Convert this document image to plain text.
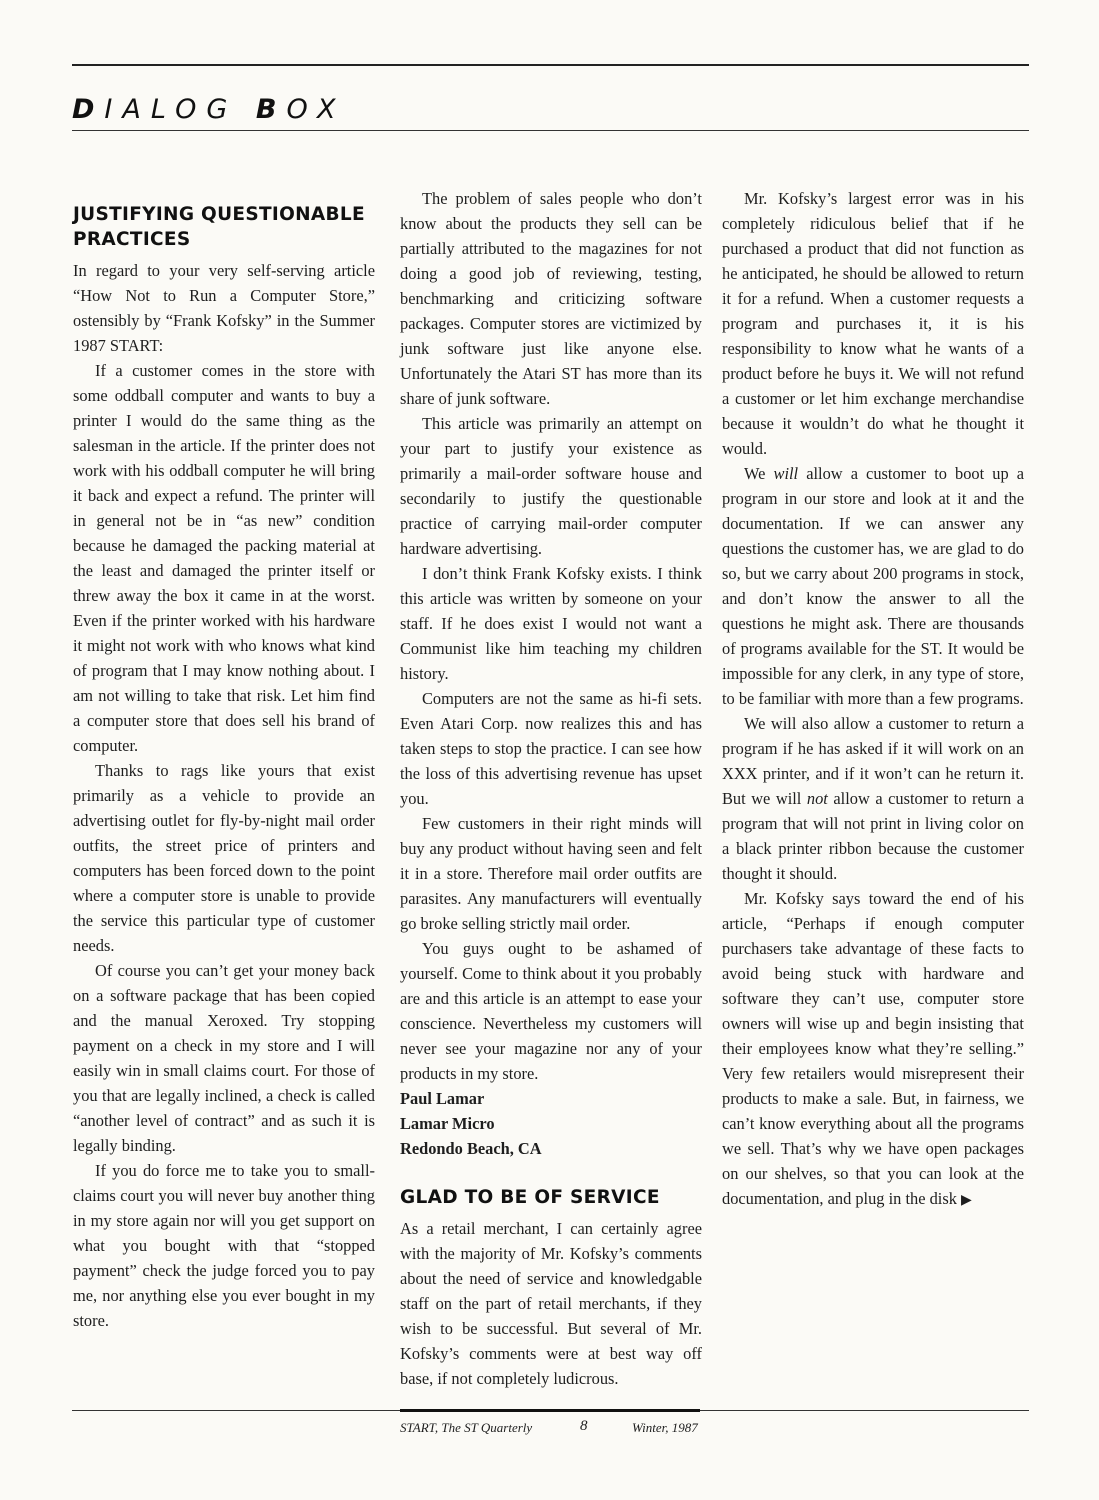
DIALOG BOX
JUSTIFYING QUESTIONABLE PRACTICES

In regard to your very self-serving article “How Not to Run a Computer Store,” ostensibly by “Frank Kofsky” in the Summer 1987 START:

If a customer comes in the store with some oddball computer and wants to buy a printer I would do the same thing as the salesman in the article. If the printer does not work with his oddball computer he will bring it back and expect a refund. The printer will in general not be in “as new” condition because he damaged the packing material at the least and damaged the printer itself or threw away the box it came in at the worst. Even if the printer worked with his hardware it might not work with who knows what kind of program that I may know nothing about. I am not willing to take that risk. Let him find a computer store that does sell his brand of computer.

Thanks to rags like yours that exist primarily as a vehicle to provide an advertising outlet for fly-by-night mail order outfits, the street price of printers and computers has been forced down to the point where a computer store is unable to provide the service this particular type of customer needs.

Of course you can’t get your money back on a software package that has been copied and the manual Xeroxed. Try stopping payment on a check in my store and I will easily win in small claims court. For those of you that are legally inclined, a check is called “another level of contract” and as such it is legally binding.

If you do force me to take you to small-claims court you will never buy another thing in my store again nor will you get support on what you bought with that “stopped payment” check the judge forced you to pay me, nor anything else you ever bought in my store.

The problem of sales people who don’t know about the products they sell can be partially attributed to the magazines for not doing a good job of reviewing, testing, benchmarking and criticizing software packages. Computer stores are victimized by junk software just like anyone else. Unfortunately the Atari ST has more than its share of junk software.

This article was primarily an attempt on your part to justify your existence as primarily a mail-order software house and secondarily to justify the questionable practice of carrying mail-order computer hardware advertising.

I don’t think Frank Kofsky exists. I think this article was written by someone on your staff. If he does exist I would not want a Communist like him teaching my children history.

Computers are not the same as hi-fi sets. Even Atari Corp. now realizes this and has taken steps to stop the practice. I can see how the loss of this advertising revenue has upset you.

Few customers in their right minds will buy any product without having seen and felt it in a store. Therefore mail order outfits are parasites. Any manufacturers will eventually go broke selling strictly mail order.

You guys ought to be ashamed of yourself. Come to think about it you probably are and this article is an attempt to ease your conscience. Nevertheless my customers will never see your magazine nor any of your products in my store.

Paul Lamar
Lamar Micro
Redondo Beach, CA
GLAD TO BE OF SERVICE

As a retail merchant, I can certainly agree with the majority of Mr. Kofsky’s comments about the need of service and knowledgable staff on the part of retail merchants, if they wish to be successful. But several of Mr. Kofsky’s comments were at best way off base, if not completely ludicrous.

Mr. Kofsky’s largest error was in his completely ridiculous belief that if he purchased a product that did not function as he anticipated, he should be allowed to return it for a refund. When a customer requests a program and purchases it, it is his responsibility to know what he wants of a product before he buys it. We will not refund a customer or let him exchange merchandise because it wouldn’t do what he thought it would.

We will allow a customer to boot up a program in our store and look at it and the documentation. If we can answer any questions the customer has, we are glad to do so, but we carry about 200 programs in stock, and don’t know the answer to all the questions he might ask. There are thousands of programs available for the ST. It would be impossible for any clerk, in any type of store, to be familiar with more than a few programs.

We will also allow a customer to return a program if he has asked if it will work on an XXX printer, and if it won’t can he return it. But we will not allow a customer to return a program that will not print in living color on a black printer ribbon because the customer thought it should.

Mr. Kofsky says toward the end of his article, “Perhaps if enough computer purchasers take advantage of these facts to avoid being stuck with hardware and software they can’t use, computer store owners will wise up and begin insisting that their employees know what they’re selling.” Very few retailers would misrepresent their products to make a sale. But, in fairness, we can’t know everything about all the programs we sell. That’s why we have open packages on our shelves, so that you can look at the documentation, and plug in the disk ▶

START, The ST Quarterly	8	Winter, 1987
